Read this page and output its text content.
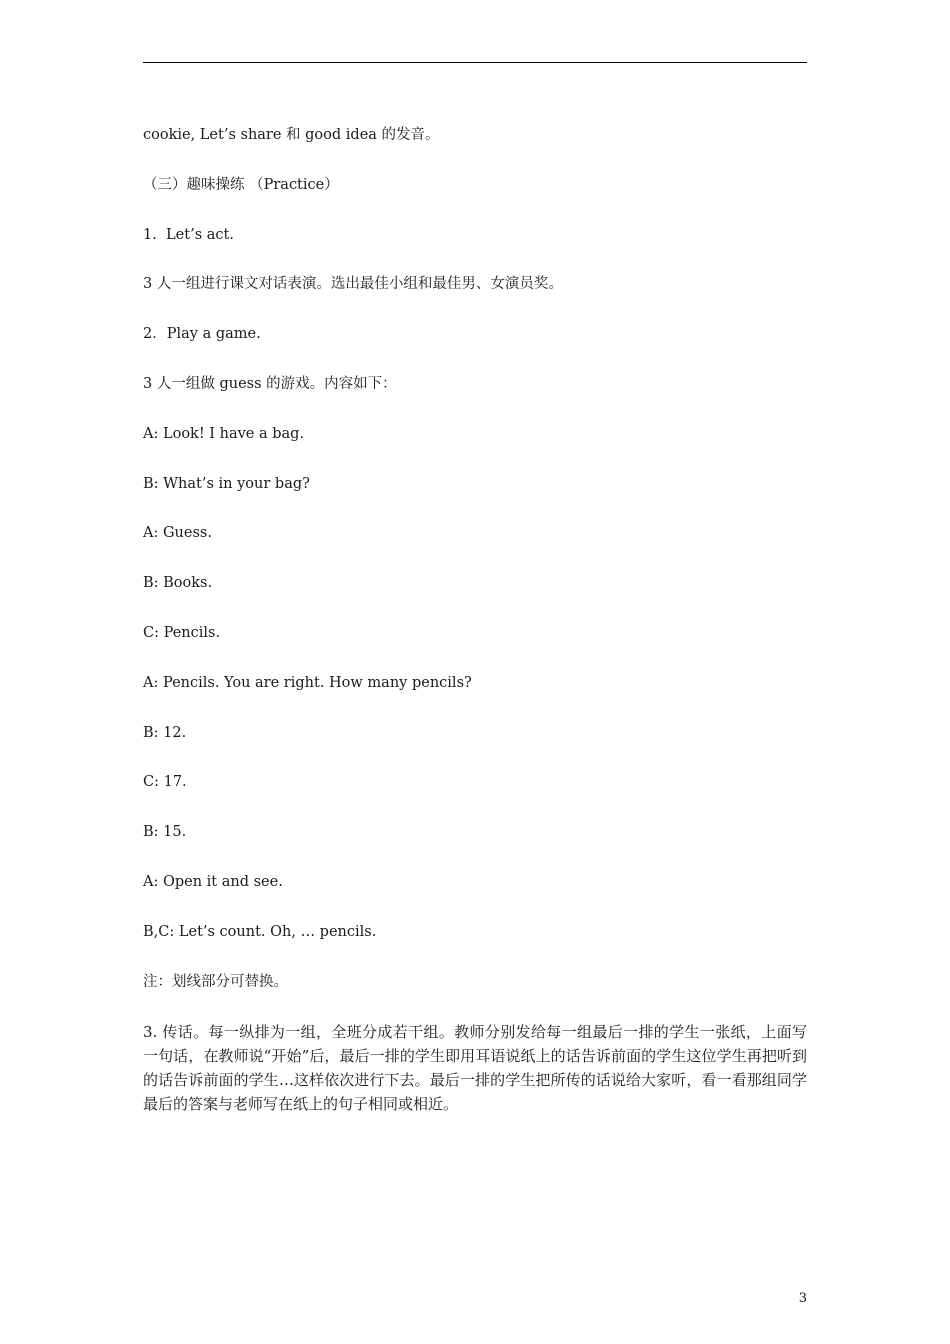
cookie, Let’s share 和 good idea 的发音。
（三）趣味操练 （Practice）
1.  Let’s act.
3 人一组进行课文对话表演。选出最佳小组和最佳男、女演员奖。
2．Play a game.
3 人一组做 guess 的游戏。内容如下：
A: Look! I have a bag.
B: What’s in your bag?
A: Guess.
B: Books.
C: Pencils.
A: Pencils. You are right. How many pencils?
B: 12.
C: 17.
B: 15.
A: Open it and see.
B,C: Let’s count. Oh, … pencils.
注：划线部分可替换。

3. 传话。每一纵排为一组，全班分成若干组。教师分别发给每一组最后一排的学生一张纸，上面写一句话，在教师说“开始”后，最后一排的学生即用耳语说纸上的话告诉前面的学生这位学生再把听到的话告诉前面的学生…这样依次进行下去。最后一排的学生把所传的话说给大家听，看一看那组同学最后的答案与老师写在纸上的句子相同或相近。

3
